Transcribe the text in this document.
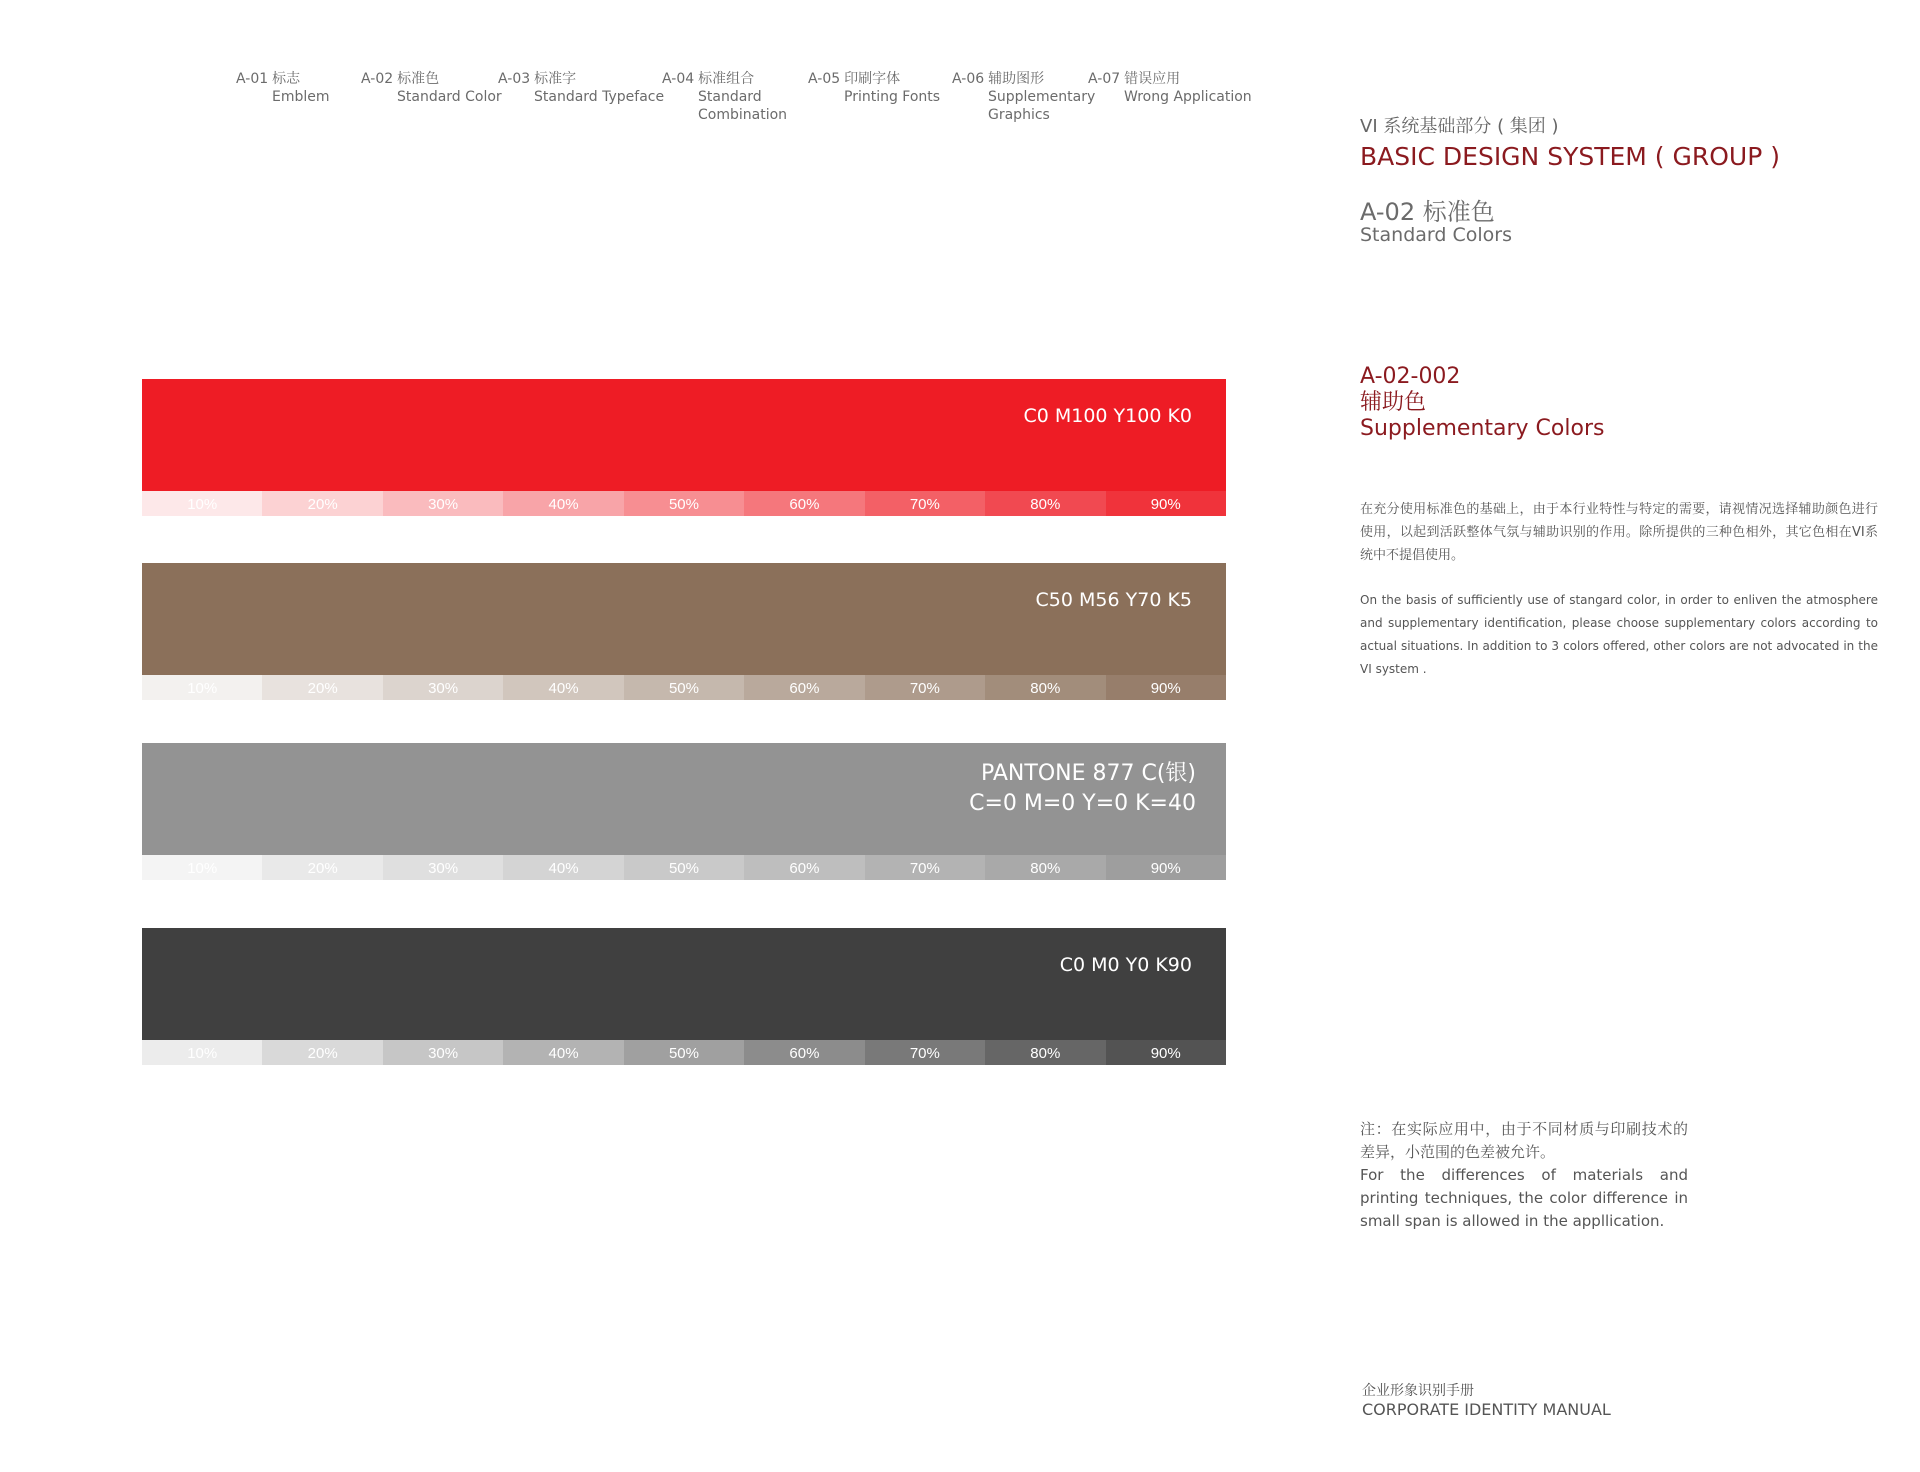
A-01 标志
Emblem
A-02 标准色
Standard Color
A-03 标准字
Standard Typeface
A-04 标准组合
Standard
Combination
A-05 印刷字体
Printing Fonts
A-06 辅助图形
Supplementary
Graphics
A-07 错误应用
Wrong Application
VI 系统基础部分 ( 集团 )
BASIC DESIGN SYSTEM ( GROUP )
A-02 标准色
Standard Colors
A-02-002
辅助色
Supplementary Colors
在充分使用标准色的基础上，由于本行业特性与特定的需要，请视情况选择辅助颜色进行使用，以起到活跃整体气氛与辅助识别的作用。除所提供的三种色相外，其它色相在VI系统中不提倡使用。
On the basis of sufficiently use of stangard color, in order to enliven the atmosphere and supplementary identification, please choose supplementary colors according to actual situations. In addition to 3 colors offered, other colors are not advocated in the VI system .
C0 M100 Y100 K0
10%	20%	30%	40%	50%	60%	70%	80%	90%
C50 M56 Y70 K5
10%	20%	30%	40%	50%	60%	70%	80%	90%
PANTONE 877 C(银)
C=0 M=0 Y=0 K=40
10%	20%	30%	40%	50%	60%	70%	80%	90%
C0 M0 Y0 K90
10%	20%	30%	40%	50%	60%	70%	80%	90%
注：在实际应用中，由于不同材质与印刷技术的差异，小范围的色差被允许。
For the differences of materials and printing techniques, the color difference in small span is allowed in the appllication.
企业形象识别手册
CORPORATE IDENTITY MANUAL
